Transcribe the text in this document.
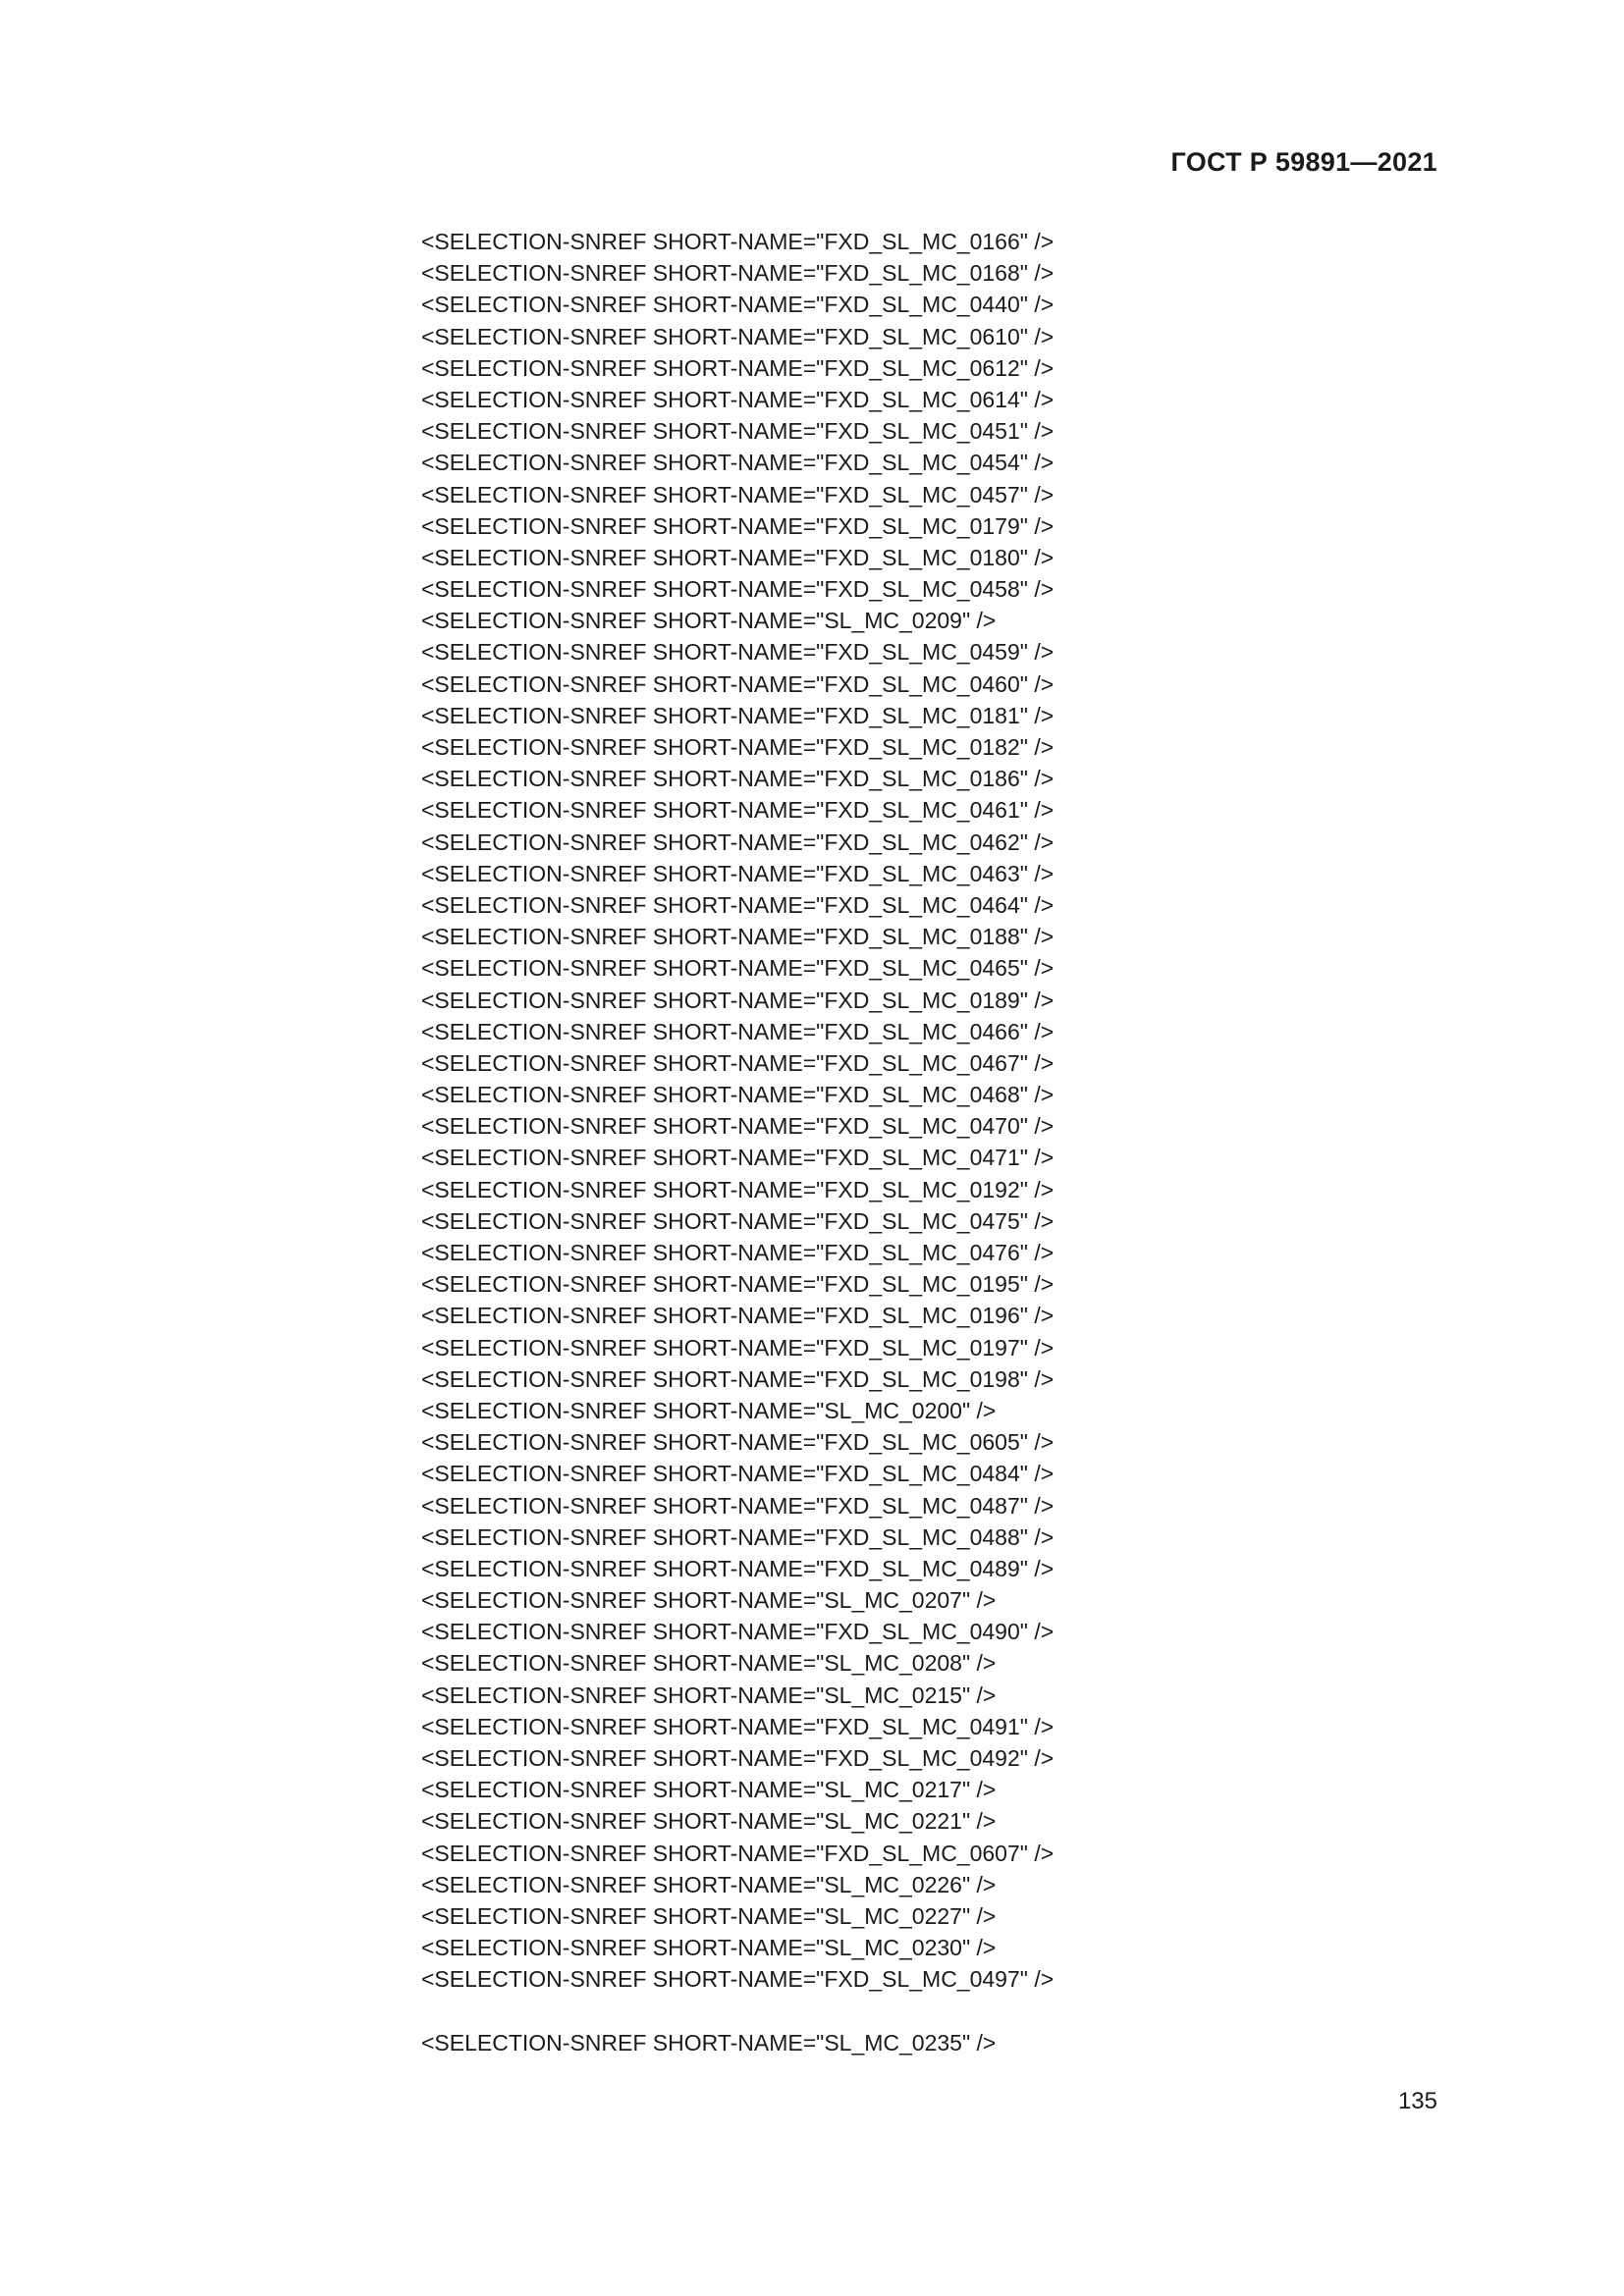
ГОСТ Р 59891—2021
<SELECTION-SNREF SHORT-NAME="FXD_SL_MC_0166" />
<SELECTION-SNREF SHORT-NAME="FXD_SL_MC_0168" />
<SELECTION-SNREF SHORT-NAME="FXD_SL_MC_0440" />
<SELECTION-SNREF SHORT-NAME="FXD_SL_MC_0610" />
<SELECTION-SNREF SHORT-NAME="FXD_SL_MC_0612" />
<SELECTION-SNREF SHORT-NAME="FXD_SL_MC_0614" />
<SELECTION-SNREF SHORT-NAME="FXD_SL_MC_0451" />
<SELECTION-SNREF SHORT-NAME="FXD_SL_MC_0454" />
<SELECTION-SNREF SHORT-NAME="FXD_SL_MC_0457" />
<SELECTION-SNREF SHORT-NAME="FXD_SL_MC_0179" />
<SELECTION-SNREF SHORT-NAME="FXD_SL_MC_0180" />
<SELECTION-SNREF SHORT-NAME="FXD_SL_MC_0458" />
<SELECTION-SNREF SHORT-NAME="SL_MC_0209" />
<SELECTION-SNREF SHORT-NAME="FXD_SL_MC_0459" />
<SELECTION-SNREF SHORT-NAME="FXD_SL_MC_0460" />
<SELECTION-SNREF SHORT-NAME="FXD_SL_MC_0181" />
<SELECTION-SNREF SHORT-NAME="FXD_SL_MC_0182" />
<SELECTION-SNREF SHORT-NAME="FXD_SL_MC_0186" />
<SELECTION-SNREF SHORT-NAME="FXD_SL_MC_0461" />
<SELECTION-SNREF SHORT-NAME="FXD_SL_MC_0462" />
<SELECTION-SNREF SHORT-NAME="FXD_SL_MC_0463" />
<SELECTION-SNREF SHORT-NAME="FXD_SL_MC_0464" />
<SELECTION-SNREF SHORT-NAME="FXD_SL_MC_0188" />
<SELECTION-SNREF SHORT-NAME="FXD_SL_MC_0465" />
<SELECTION-SNREF SHORT-NAME="FXD_SL_MC_0189" />
<SELECTION-SNREF SHORT-NAME="FXD_SL_MC_0466" />
<SELECTION-SNREF SHORT-NAME="FXD_SL_MC_0467" />
<SELECTION-SNREF SHORT-NAME="FXD_SL_MC_0468" />
<SELECTION-SNREF SHORT-NAME="FXD_SL_MC_0470" />
<SELECTION-SNREF SHORT-NAME="FXD_SL_MC_0471" />
<SELECTION-SNREF SHORT-NAME="FXD_SL_MC_0192" />
<SELECTION-SNREF SHORT-NAME="FXD_SL_MC_0475" />
<SELECTION-SNREF SHORT-NAME="FXD_SL_MC_0476" />
<SELECTION-SNREF SHORT-NAME="FXD_SL_MC_0195" />
<SELECTION-SNREF SHORT-NAME="FXD_SL_MC_0196" />
<SELECTION-SNREF SHORT-NAME="FXD_SL_MC_0197" />
<SELECTION-SNREF SHORT-NAME="FXD_SL_MC_0198" />
<SELECTION-SNREF SHORT-NAME="SL_MC_0200" />
<SELECTION-SNREF SHORT-NAME="FXD_SL_MC_0605" />
<SELECTION-SNREF SHORT-NAME="FXD_SL_MC_0484" />
<SELECTION-SNREF SHORT-NAME="FXD_SL_MC_0487" />
<SELECTION-SNREF SHORT-NAME="FXD_SL_MC_0488" />
<SELECTION-SNREF SHORT-NAME="FXD_SL_MC_0489" />
<SELECTION-SNREF SHORT-NAME="SL_MC_0207" />
<SELECTION-SNREF SHORT-NAME="FXD_SL_MC_0490" />
<SELECTION-SNREF SHORT-NAME="SL_MC_0208" />
<SELECTION-SNREF SHORT-NAME="SL_MC_0215" />
<SELECTION-SNREF SHORT-NAME="FXD_SL_MC_0491" />
<SELECTION-SNREF SHORT-NAME="FXD_SL_MC_0492" />
<SELECTION-SNREF SHORT-NAME="SL_MC_0217" />
<SELECTION-SNREF SHORT-NAME="SL_MC_0221" />
<SELECTION-SNREF SHORT-NAME="FXD_SL_MC_0607" />
<SELECTION-SNREF SHORT-NAME="SL_MC_0226" />
<SELECTION-SNREF SHORT-NAME="SL_MC_0227" />
<SELECTION-SNREF SHORT-NAME="SL_MC_0230" />
<SELECTION-SNREF SHORT-NAME="FXD_SL_MC_0497" />
<SELECTION-SNREF SHORT-NAME="SL_MC_0235" />
135
